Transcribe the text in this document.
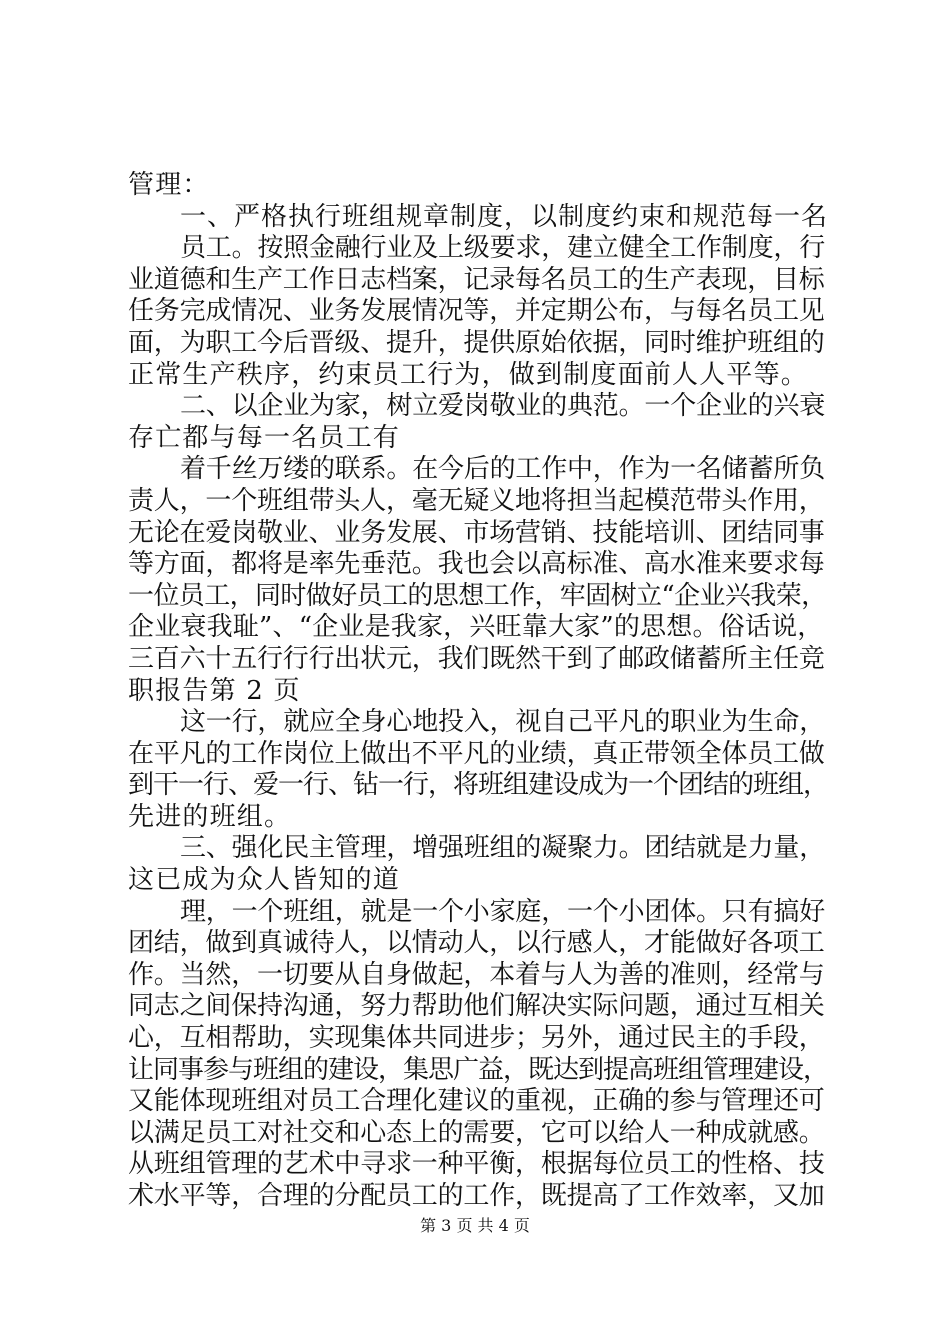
管理：
一、严格执行班组规章制度，以制度约束和规范每一名
员工。按照金融行业及上级要求，建立健全工作制度，行
业道德和生产工作日志档案，记录每名员工的生产表现，目标
任务完成情况、业务发展情况等，并定期公布，与每名员工见
面，为职工今后晋级、提升，提供原始依据，同时维护班组的
正常生产秩序，约束员工行为，做到制度面前人人平等。
二、以企业为家，树立爱岗敬业的典范。一个企业的兴衰
存亡都与每一名员工有
着千丝万缕的联系。在今后的工作中，作为一名储蓄所负
责人，一个班组带头人，毫无疑义地将担当起模范带头作用，
无论在爱岗敬业、业务发展、市场营销、技能培训、团结同事
等方面，都将是率先垂范。我也会以高标准、高水准来要求每
一位员工，同时做好员工的思想工作，牢固树立“企业兴我荣，
企业衰我耻”、“企业是我家，兴旺靠大家”的思想。俗话说，
三百六十五行行行出状元，我们既然干到了邮政储蓄所主任竞
职报告第 2 页
这一行，就应全身心地投入，视自己平凡的职业为生命，
在平凡的工作岗位上做出不平凡的业绩，真正带领全体员工做
到干一行、爱一行、钻一行，将班组建设成为一个团结的班组，
先进的班组。
三、强化民主管理，增强班组的凝聚力。团结就是力量，
这已成为众人皆知的道
理，一个班组，就是一个小家庭，一个小团体。只有搞好
团结，做到真诚待人，以情动人，以行感人，才能做好各项工
作。当然，一切要从自身做起，本着与人为善的准则，经常与
同志之间保持沟通，努力帮助他们解决实际问题，通过互相关
心，互相帮助，实现集体共同进步；另外，通过民主的手段，
让同事参与班组的建设，集思广益，既达到提高班组管理建设，
又能体现班组对员工合理化建议的重视，正确的参与管理还可
以满足员工对社交和心态上的需要，它可以给人一种成就感。
从班组管理的艺术中寻求一种平衡，根据每位员工的性格、技
术水平等，合理的分配员工的工作，既提高了工作效率，又加
第 3 页 共 4 页
